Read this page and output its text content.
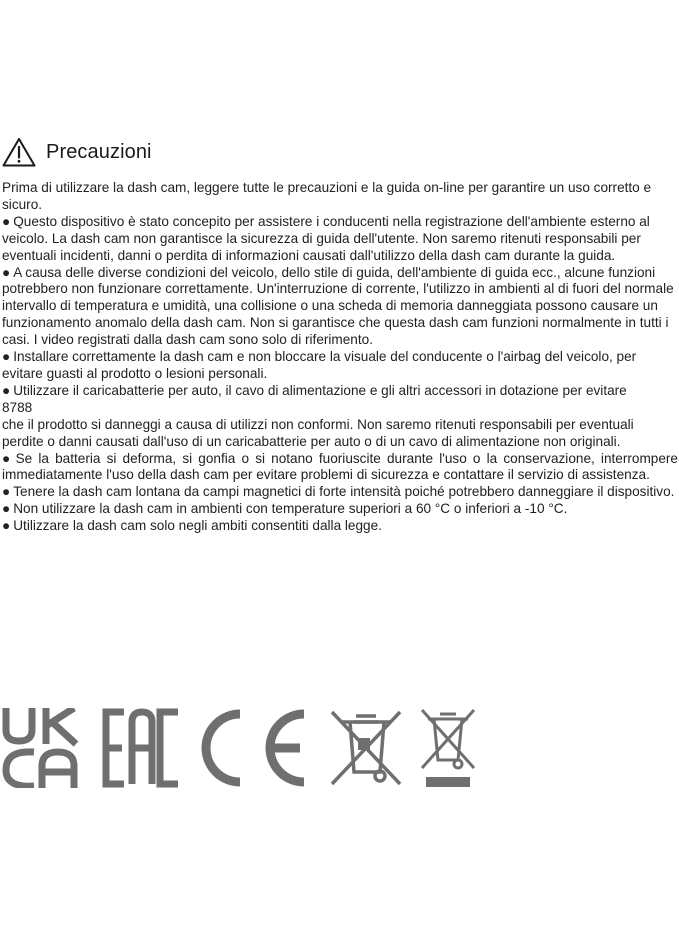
Precauzioni

Prima di utilizzare la dash cam, leggere tutte le precauzioni e la guida on-line per garantire un uso corretto e sicuro.

● Questo dispositivo è stato concepito per assistere i conducenti nella registrazione dell'ambiente esterno al veicolo. La dash cam non garantisce la sicurezza di guida dell'utente. Non saremo ritenuti responsabili per eventuali incidenti, danni o perdita di informazioni causati dall'utilizzo della dash cam durante la guida.

● A causa delle diverse condizioni del veicolo, dello stile di guida, dell'ambiente di guida ecc., alcune funzioni potrebbero non funzionare correttamente. Un'interruzione di corrente, l'utilizzo in ambienti al di fuori del normale intervallo di temperatura e umidità, una collisione o una scheda di memoria danneggiata possono causare un funzionamento anomalo della dash cam. Non si garantisce che questa dash cam funzioni normalmente in tutti i casi. I video registrati dalla dash cam sono solo di riferimento.

● Installare correttamente la dash cam e non bloccare la visuale del conducente o l'airbag del veicolo, per evitare guasti al prodotto o lesioni personali.

● Utilizzare il caricabatterie per auto, il cavo di alimentazione e gli altri accessori in dotazione per evitare

8788

che il prodotto si danneggi a causa di utilizzi non conformi. Non saremo ritenuti responsabili per eventuali perdite o danni causati dall'uso di un caricabatterie per auto o di un cavo di alimentazione non originali.

● Se la batteria si deforma, si gonfia o si notano fuoriuscite durante l'uso o la conservazione, interrompere immediatamente l'uso della dash cam per evitare problemi di sicurezza e contattare il servizio di assistenza.

● Tenere la dash cam lontana da campi magnetici di forte intensità poiché potrebbero danneggiare il dispositivo.

● Non utilizzare la dash cam in ambienti con temperature superiori a 60 °C o inferiori a -10 °C.

● Utilizzare la dash cam solo negli ambiti consentiti dalla legge.
